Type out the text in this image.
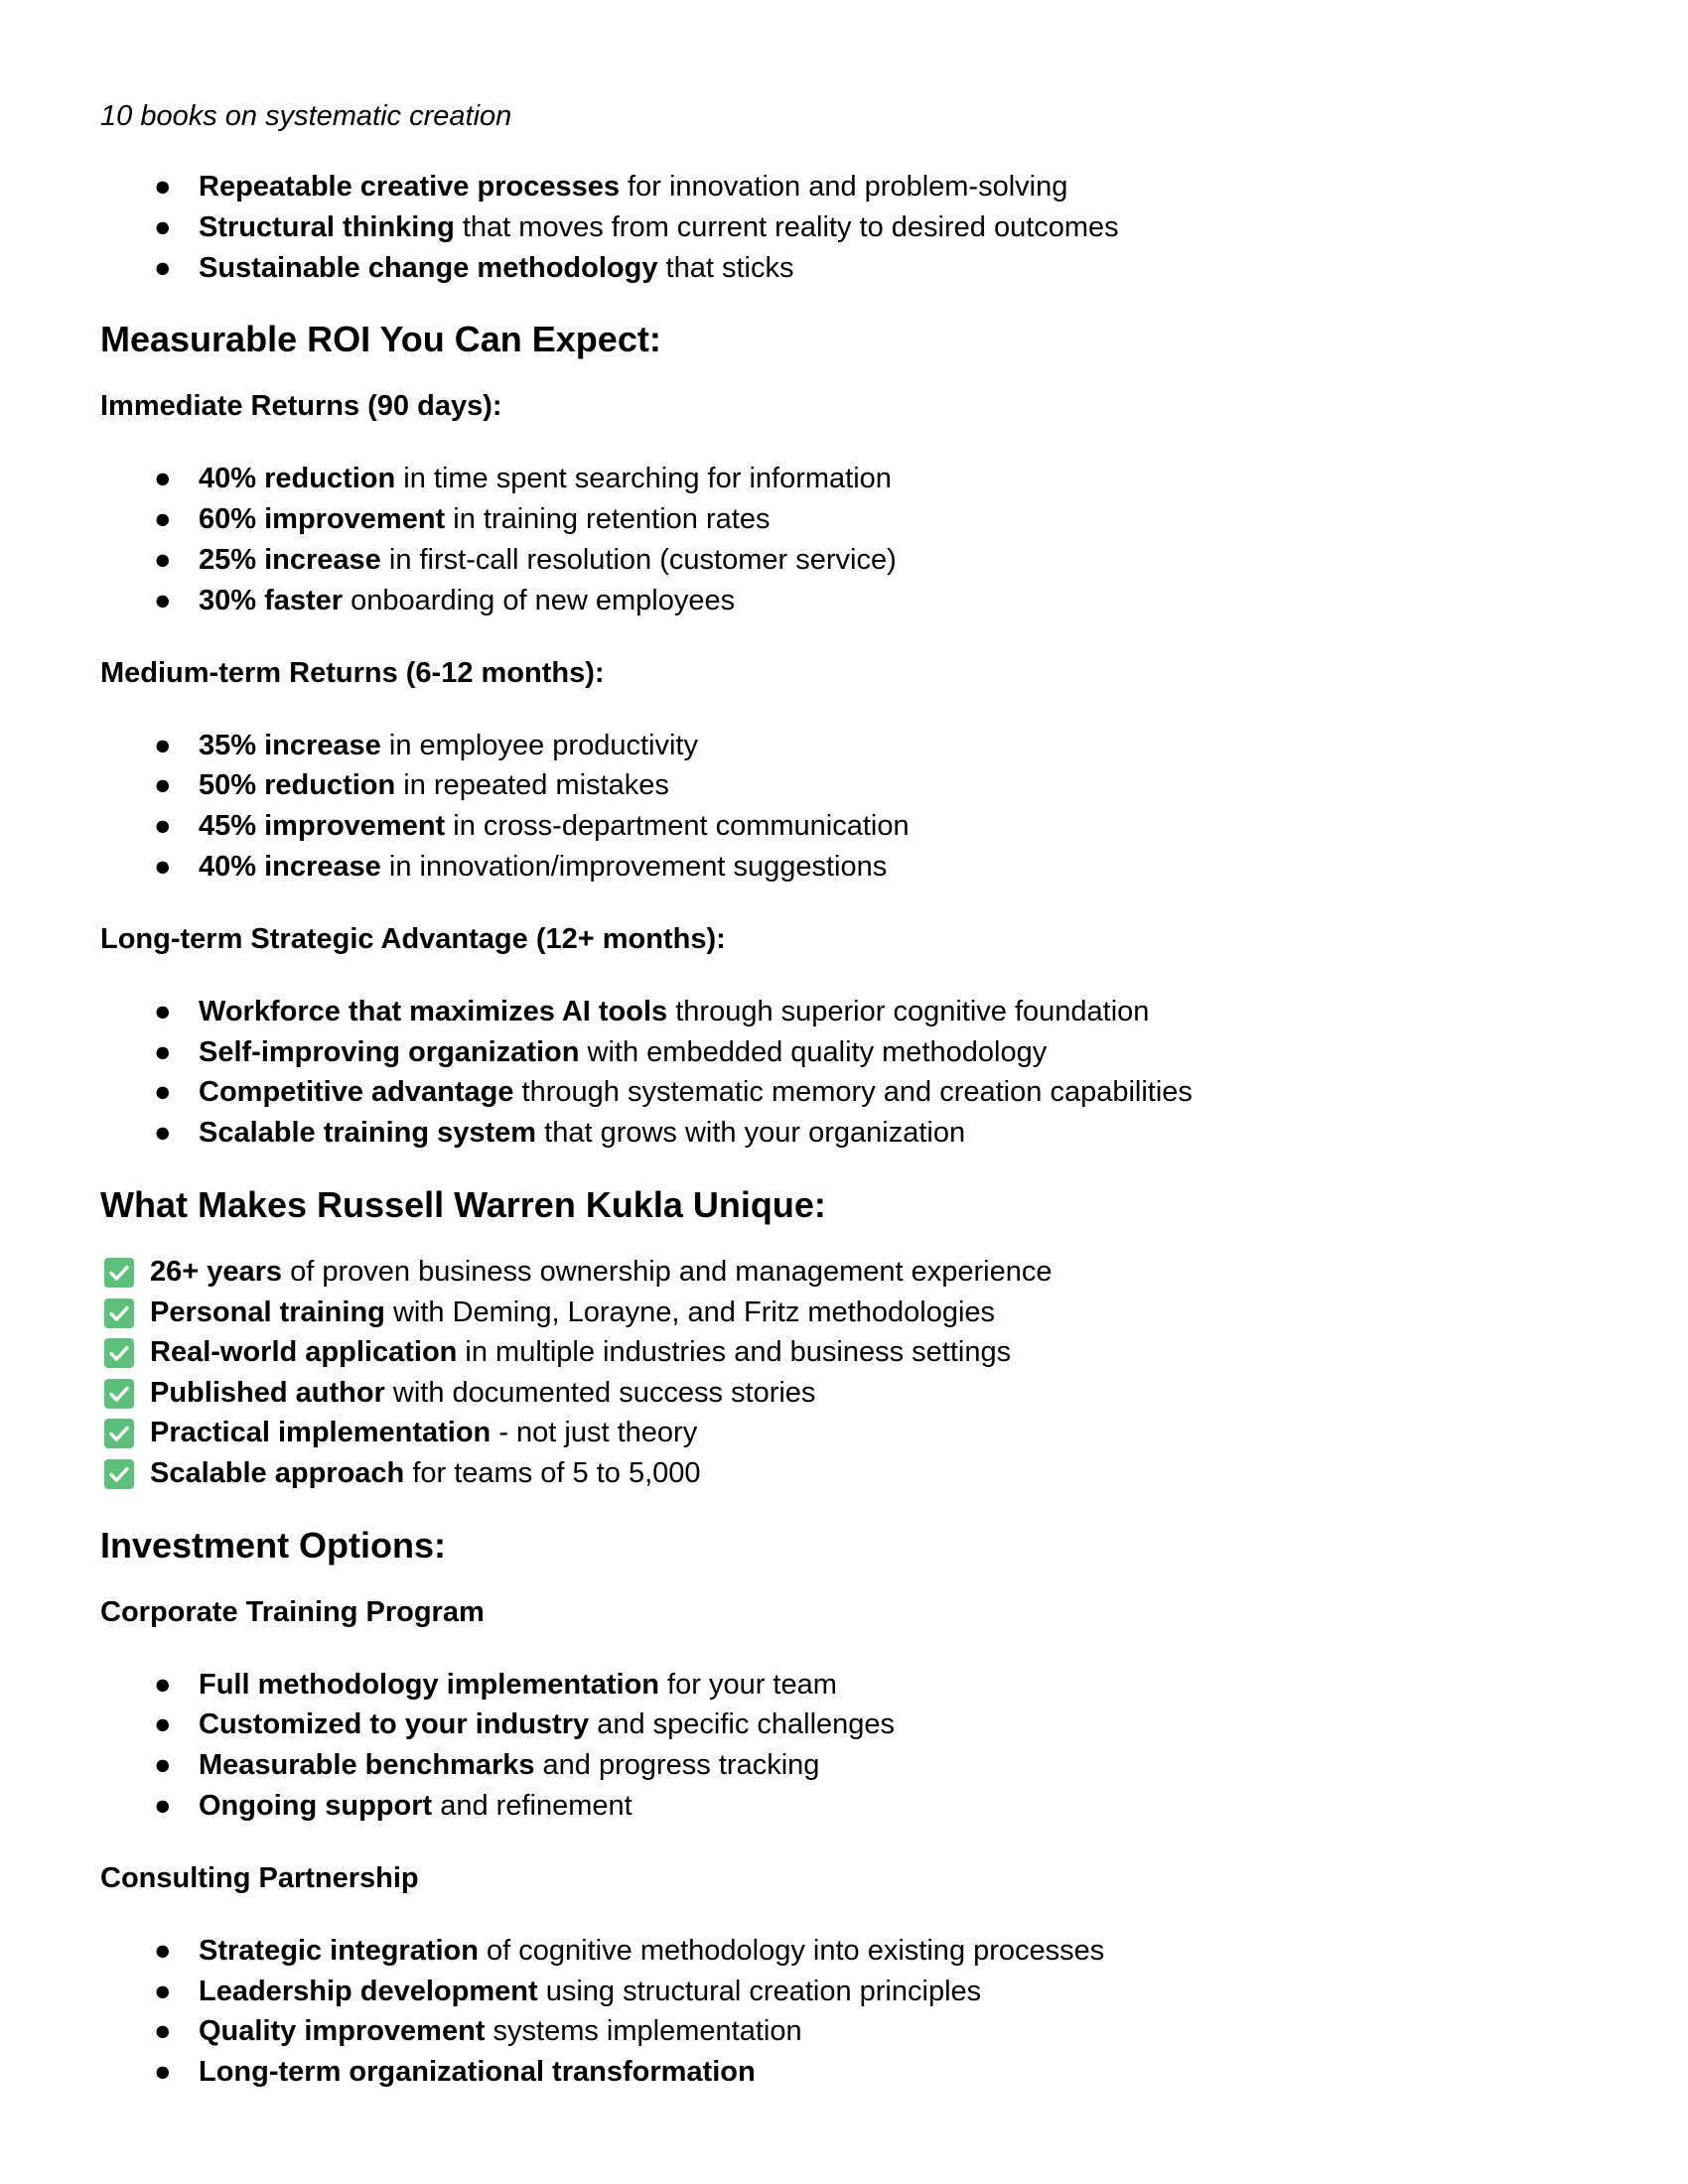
10 books on systematic creation

● Repeatable creative processes for innovation and problem-solving
● Structural thinking that moves from current reality to desired outcomes
● Sustainable change methodology that sticks
Measurable ROI You Can Expect:
Immediate Returns (90 days):
● 40% reduction in time spent searching for information
● 60% improvement in training retention rates
● 25% increase in first-call resolution (customer service)
● 30% faster onboarding of new employees
Medium-term Returns (6-12 months):
● 35% increase in employee productivity
● 50% reduction in repeated mistakes
● 45% improvement in cross-department communication
● 40% increase in innovation/improvement suggestions
Long-term Strategic Advantage (12+ months):
● Workforce that maximizes AI tools through superior cognitive foundation
● Self-improving organization with embedded quality methodology
● Competitive advantage through systematic memory and creation capabilities
● Scalable training system that grows with your organization
What Makes Russell Warren Kukla Unique:
26+ years of proven business ownership and management experience
Personal training with Deming, Lorayne, and Fritz methodologies
Real-world application in multiple industries and business settings
Published author with documented success stories
Practical implementation - not just theory
Scalable approach for teams of 5 to 5,000
Investment Options:
Corporate Training Program
● Full methodology implementation for your team
● Customized to your industry and specific challenges
● Measurable benchmarks and progress tracking
● Ongoing support and refinement
Consulting Partnership
● Strategic integration of cognitive methodology into existing processes
● Leadership development using structural creation principles
● Quality improvement systems implementation
● Long-term organizational transformation
